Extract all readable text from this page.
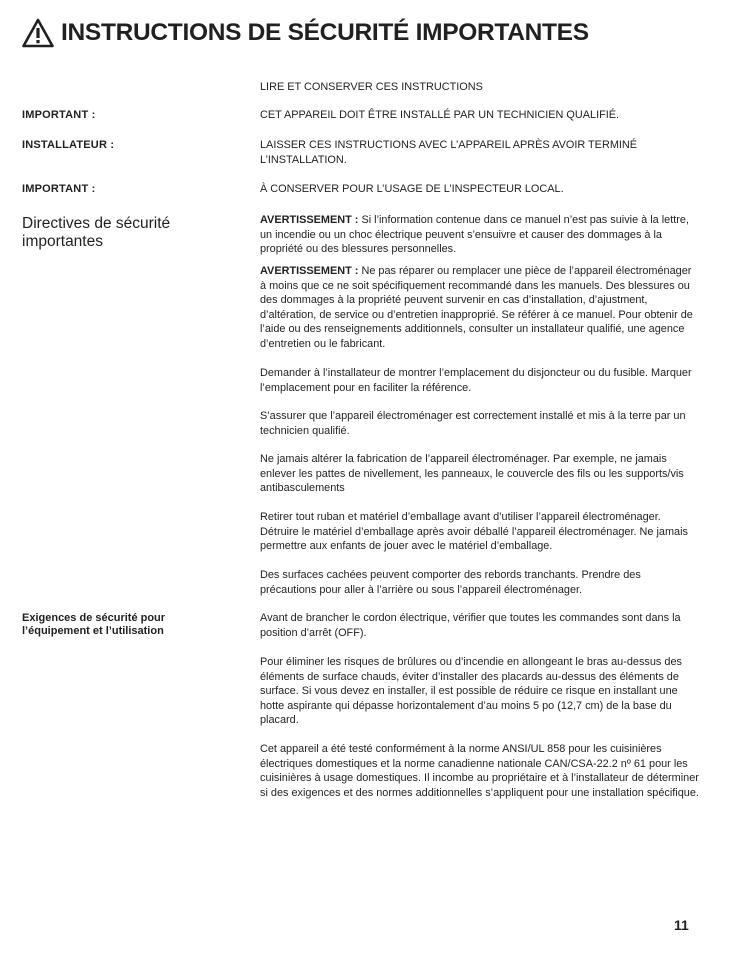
INSTRUCTIONS DE SÉCURITÉ IMPORTANTES
LIRE ET CONSERVER CES INSTRUCTIONS
IMPORTANT :	CET APPAREIL DOIT ÊTRE INSTALLÉ PAR UN TECHNICIEN QUALIFIÉ.
INSTALLATEUR :	LAISSER CES INSTRUCTIONS AVEC L’APPAREIL APRÈS AVOIR TERMINÉ L’INSTALLATION.
IMPORTANT :	À CONSERVER POUR L’USAGE DE L’INSPECTEUR LOCAL.
Directives de sécurité importantes
AVERTISSEMENT : Si l’information contenue dans ce manuel n’est pas suivie à la lettre, un incendie ou un choc électrique peuvent s’ensuivre et causer des dommages à la propriété ou des blessures personnelles.
AVERTISSEMENT : Ne pas réparer ou remplacer une pièce de l’appareil électroménager à moins que ce ne soit spécifiquement recommandé dans les manuels. Des blessures ou des dommages à la propriété peuvent survenir en cas d’installation, d’ajustment, d’altération, de service ou d’entretien inapproprié. Se référer à ce manuel. Pour obtenir de l’aide ou des renseignements additionnels, consulter un installateur qualifié, une agence d’entretien ou le fabricant.
Demander à l’installateur de montrer l’emplacement du disjoncteur ou du fusible. Marquer l’emplacement pour en faciliter la référence.
S’assurer que l’appareil électroménager est correctement installé et mis à la terre par un technicien qualifié.
Ne jamais altérer la fabrication de l’appareil électroménager. Par exemple, ne jamais enlever les pattes de nivellement, les panneaux, le couvercle des fils ou les supports/vis antibasculements
Retirer tout ruban et matériel d’emballage avant d’utiliser l’appareil électroménager. Détruire le matériel d’emballage après avoir déballé l’appareil électroménager. Ne jamais permettre aux enfants de jouer avec le matériel d’emballage.
Des surfaces cachées peuvent comporter des rebords tranchants. Prendre des précautions pour aller à l’arrière ou sous l’appareil électroménager.
Exigences de sécurité pour l’équipement et l’utilisation
Avant de brancher le cordon électrique, vérifier que toutes les commandes sont dans la position d’arrêt (OFF).
Pour éliminer les risques de brûlures ou d’incendie en allongeant le bras au-dessus des éléments de surface chauds, éviter d’installer des placards au-dessus des éléments de surface. Si vous devez en installer, il est possible de réduire ce risque en installant une hotte aspirante qui dépasse horizontalement d’au moins 5 po (12,7 cm) de la base du placard.
Cet appareil a été testé conformément à la norme ANSI/UL 858 pour les cuisinières électriques domestiques et la norme canadienne nationale CAN/CSA-22.2 nº 61 pour les cuisinières à usage domestiques. Il incombe au propriétaire et à l’installateur de déterminer si des exigences et des normes additionnelles s’appliquent pour une installation spécifique.
11
